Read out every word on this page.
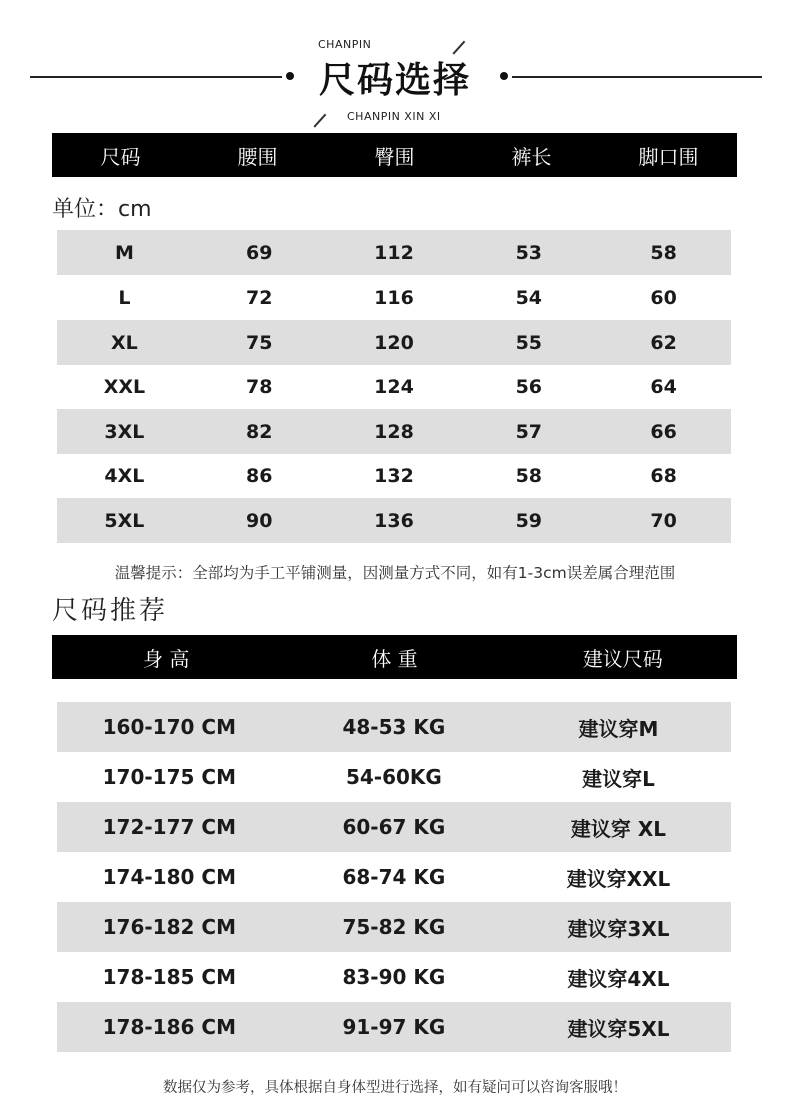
CHANPIN
尺码选择
CHANPIN XIN XI
尺码	腰围	臀围	裤长	脚口围
单位：cm
M	69	112	53	58
L	72	116	54	60
XL	75	120	55	62
XXL	78	124	56	64
3XL	82	128	57	66
4XL	86	132	58	68
5XL	90	136	59	70
温馨提示：全部均为手工平铺测量，因测量方式不同，如有1-3cm误差属合理范围
尺码推荐
身 高	体 重	建议尺码
160-170 CM	48-53 KG	建议穿M
170-175 CM	54-60KG	建议穿L
172-177 CM	60-67 KG	建议穿 XL
174-180 CM	68-74 KG	建议穿XXL
176-182 CM	75-82 KG	建议穿3XL
178-185 CM	83-90 KG	建议穿4XL
178-186 CM	91-97 KG	建议穿5XL
数据仅为参考，具体根据自身体型进行选择，如有疑问可以咨询客服哦！
